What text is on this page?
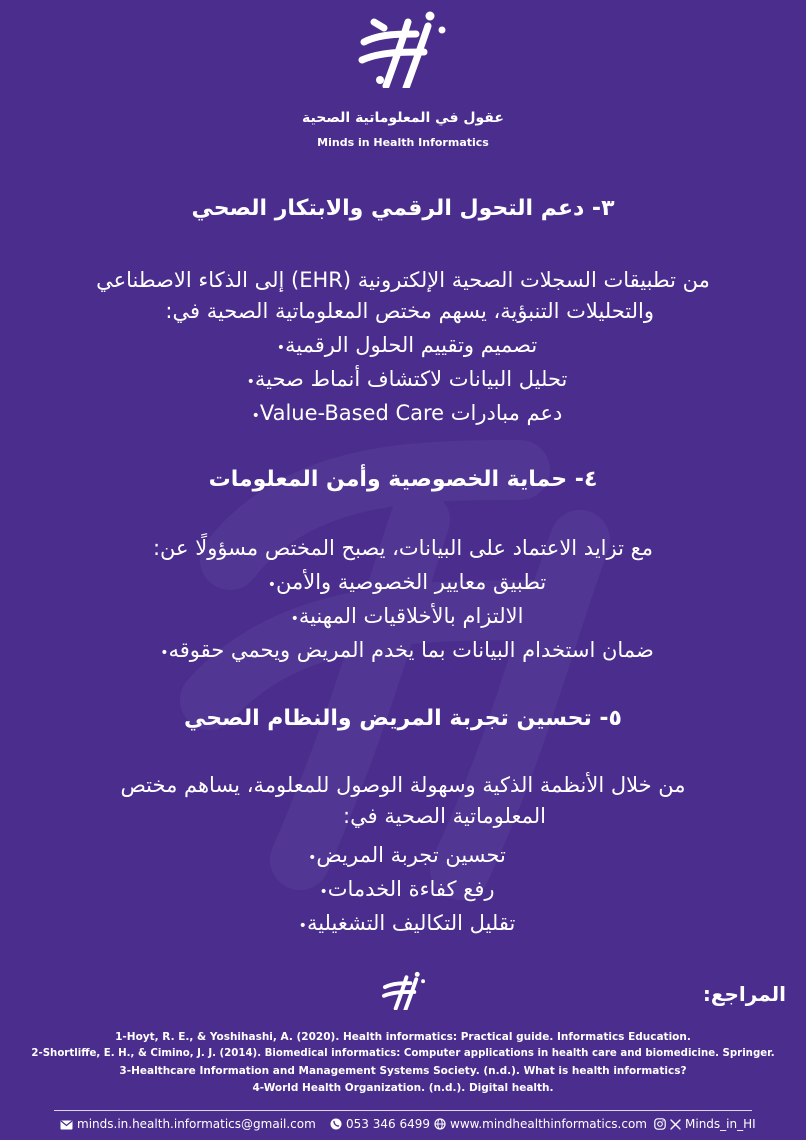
عقول في المعلوماتية الصحية
Minds in Health Informatics
٣- دعم التحول الرقمي والابتكار الصحي
من تطبيقات السجلات الصحية الإلكترونية (EHR) إلى الذكاء الاصطناعي
والتحليلات التنبؤية، يسهم مختص المعلوماتية الصحية في:
تصميم وتقييم الحلول الرقمية•
تحليل البيانات لاكتشاف أنماط صحية•
دعم مبادرات Value-Based Care•
٤- حماية الخصوصية وأمن المعلومات
مع تزايد الاعتماد على البيانات، يصبح المختص مسؤولًا عن:
تطبيق معايير الخصوصية والأمن•
الالتزام بالأخلاقيات المهنية•
ضمان استخدام البيانات بما يخدم المريض ويحمي حقوقه•
٥- تحسين تجربة المريض والنظام الصحي
من خلال الأنظمة الذكية وسهولة الوصول للمعلومة، يساهم مختص
المعلوماتية الصحية في:
تحسين تجربة المريض•
رفع كفاءة الخدمات•
تقليل التكاليف التشغيلية•
المراجع:
1-Hoyt, R. E., & Yoshihashi, A. (2020). Health informatics: Practical guide. Informatics Education.
2-Shortliffe, E. H., & Cimino, J. J. (2014). Biomedical informatics: Computer applications in health care and biomedicine. Springer.
3-Healthcare Information and Management Systems Society. (n.d.). What is health informatics?
4-World Health Organization. (n.d.). Digital health.
minds.in.health.informatics@gmail.com	053 346 6499	www.mindhealthinformatics.com	Minds_in_HI
